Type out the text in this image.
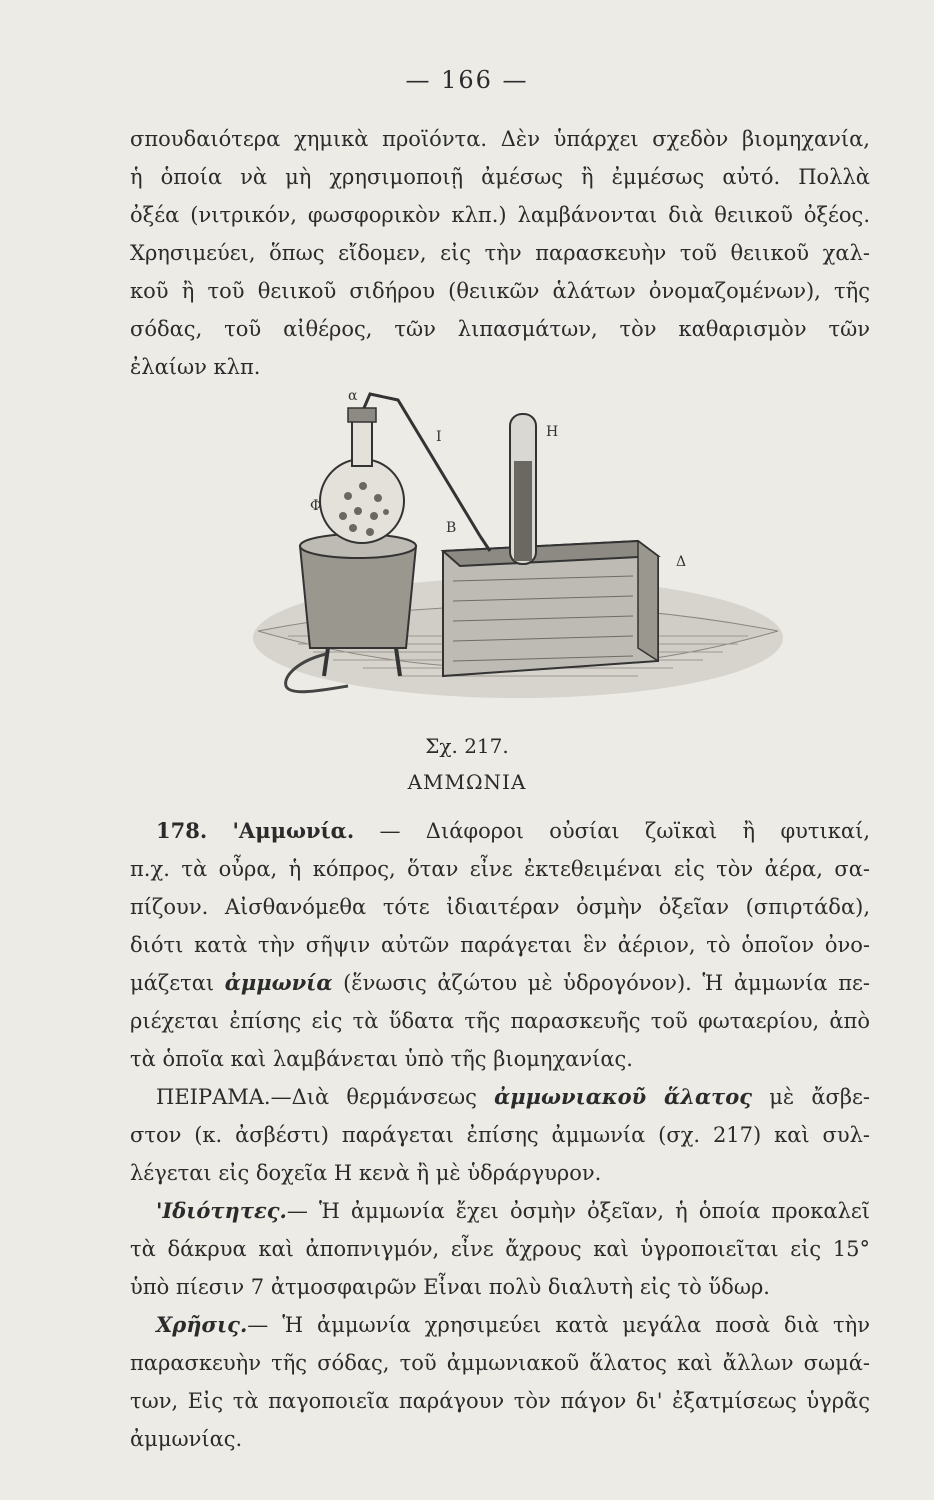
— 166 —
σπουδαιότερα χημικὰ προϊόντα. Δὲν ὑπάρχει σχεδὸν βιομηχανία,
ἡ ὁποία νὰ μὴ χρησιμοποιῇ ἀμέσως ἢ ἐμμέσως αὐτό. Πολλὰ
ὀξέα (νιτρικόν, φωσφορικὸν κλπ.) λαμβάνονται διὰ θειικοῦ ὀξέος.
Χρησιμεύει, ὅπως εἴδομεν, εἰς τὴν παρασκευὴν τοῦ θειικοῦ χαλ-
κοῦ ἢ τοῦ θειικοῦ σιδήρου (θειικῶν ἁλάτων ὀνομαζομένων), τῆς
σόδας, τοῦ αἰθέρος, τῶν λιπασμάτων, τὸν καθαρισμὸν τῶν
ἐλαίων κλπ.
α
Ι	Η
Φ
Β
Δ
Σχ. 217.
ΑΜΜΩΝΙΑ
178. 'Αμμωνία. — Διάφοροι οὐσίαι ζωϊκαὶ ἢ φυτικαί,
π.χ. τὰ οὖρα, ἡ κόπρος, ὅταν εἶνε ἐκτεθειμέναι εἰς τὸν ἀέρα, σα-
πίζουν. Αἰσθανόμεθα τότε ἰδιαιτέραν ὀσμὴν ὀξεῖαν (σπιρτάδα),
διότι κατὰ τὴν σῆψιν αὐτῶν παράγεται ἓν ἀέριον, τὸ ὁποῖον ὀνο-
μάζεται ἀμμωνία (ἕνωσις ἀζώτου μὲ ὑδρογόνον). Ἡ ἀμμωνία πε-
ριέχεται ἐπίσης εἰς τὰ ὕδατα τῆς παρασκευῆς τοῦ φωταερίου, ἀπὸ
τὰ ὁποῖα καὶ λαμβάνεται ὑπὸ τῆς βιομηχανίας.
ΠΕΙΡΑΜΑ.—Διὰ θερμάνσεως ἀμμωνιακοῦ ἅλατος μὲ ἄσβε-
στον (κ. ἀσβέστι) παράγεται ἐπίσης ἀμμωνία (σχ. 217) καὶ συλ-
λέγεται εἰς δοχεῖα Η κενὰ ἢ μὲ ὑδράργυρον.
'Ιδιότητες.— Ἡ ἀμμωνία ἔχει ὀσμὴν ὀξεῖαν, ἡ ὁποία προκαλεῖ
τὰ δάκρυα καὶ ἀποπνιγμόν, εἶνε ἄχρους καὶ ὑγροποιεῖται εἰς 15°
ὑπὸ πίεσιν 7 ἀτμοσφαιρῶν Εἶναι πολὺ διαλυτὴ εἰς τὸ ὕδωρ.
Χρῆσις.— Ἡ ἀμμωνία χρησιμεύει κατὰ μεγάλα ποσὰ διὰ τὴν
παρασκευὴν τῆς σόδας, τοῦ ἀμμωνιακοῦ ἅλατος καὶ ἄλλων σωμά-
των, Εἰς τὰ παγοποιεῖα παράγουν τὸν πάγον δι' ἐξατμίσεως ὑγρᾶς
ἀμμωνίας.
